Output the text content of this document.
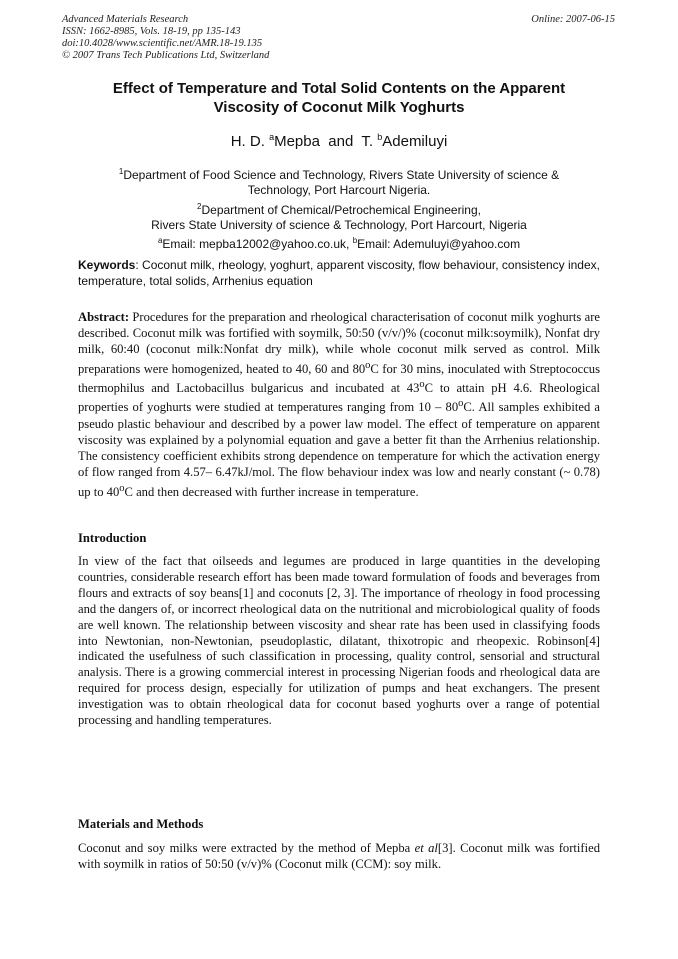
Advanced Materials Research
ISSN: 1662-8985, Vols. 18-19, pp 135-143
doi:10.4028/www.scientific.net/AMR.18-19.135
© 2007 Trans Tech Publications Ltd, Switzerland
Online: 2007-06-15
Effect of Temperature and Total Solid Contents on the Apparent
Viscosity of Coconut Milk Yoghurts
H. D. $^a$Mepba  and  T. $^b$Ademiluyi
$^1$Department of Food Science and Technology, Rivers State University of science &
Technology, Port Harcourt Nigeria.
$^2$Department of Chemical/Petrochemical Engineering,
Rivers State University of science & Technology, Port Harcourt, Nigeria
$^a$Email: mepba12002@yahoo.co.uk, $^b$Email: Ademuluyi@yahoo.com
Keywords: Coconut milk, rheology, yoghurt, apparent viscosity, flow behaviour, consistency index, temperature, total solids, Arrhenius equation
Abstract: Procedures for the preparation and rheological characterisation of coconut milk yoghurts are described. Coconut milk was fortified with soymilk, 50:50 (v/v/)% (coconut milk:soymilk), Nonfat dry milk, 60:40 (coconut milk:Nonfat dry milk), while whole coconut milk served as control. Milk preparations were homogenized, heated to 40, 60 and 80$^o$C for 30 mins, inoculated with Streptococcus thermophilus and Lactobacillus bulgaricus and incubated at 43$^o$C to attain pH 4.6. Rheological properties of yoghurts were studied at temperatures ranging from 10 – 80$^o$C. All samples exhibited a pseudo plastic behaviour and described by a power law model. The effect of temperature on apparent viscosity was explained by a polynomial equation and gave a better fit than the Arrhenius relationship. The consistency coefficient exhibits strong dependence on temperature for which the activation energy of flow ranged from 4.57– 6.47kJ/mol. The flow behaviour index was low and nearly constant (~ 0.78) up to 40$^o$C and then decreased with further increase in temperature.
Introduction
In view of the fact that oilseeds and legumes are produced in large quantities in the developing countries, considerable research effort has been made toward formulation of foods and beverages from flours and extracts of soy beans[1] and coconuts [2, 3]. The importance of rheology in food processing and the dangers of, or incorrect rheological data on the nutritional and microbiological quality of foods are well known. The relationship between viscosity and shear rate has been used in classifying foods into Newtonian, non-Newtonian, pseudoplastic, dilatant, thixotropic and rheopexic. Robinson[4] indicated the usefulness of such classification in processing, quality control, sensorial and structural analysis. There is a growing commercial interest in processing Nigerian foods and rheological data are required for process design, especially for utilization of pumps and heat exchangers. The present investigation was to obtain rheological data for coconut based yoghurts over a range of potential processing and handling temperatures.
Materials and Methods
Coconut and soy milks were extracted by the method of Mepba et al[3]. Coconut milk was fortified with soymilk in ratios of 50:50 (v/v)% (Coconut milk (CCM): soy milk.
